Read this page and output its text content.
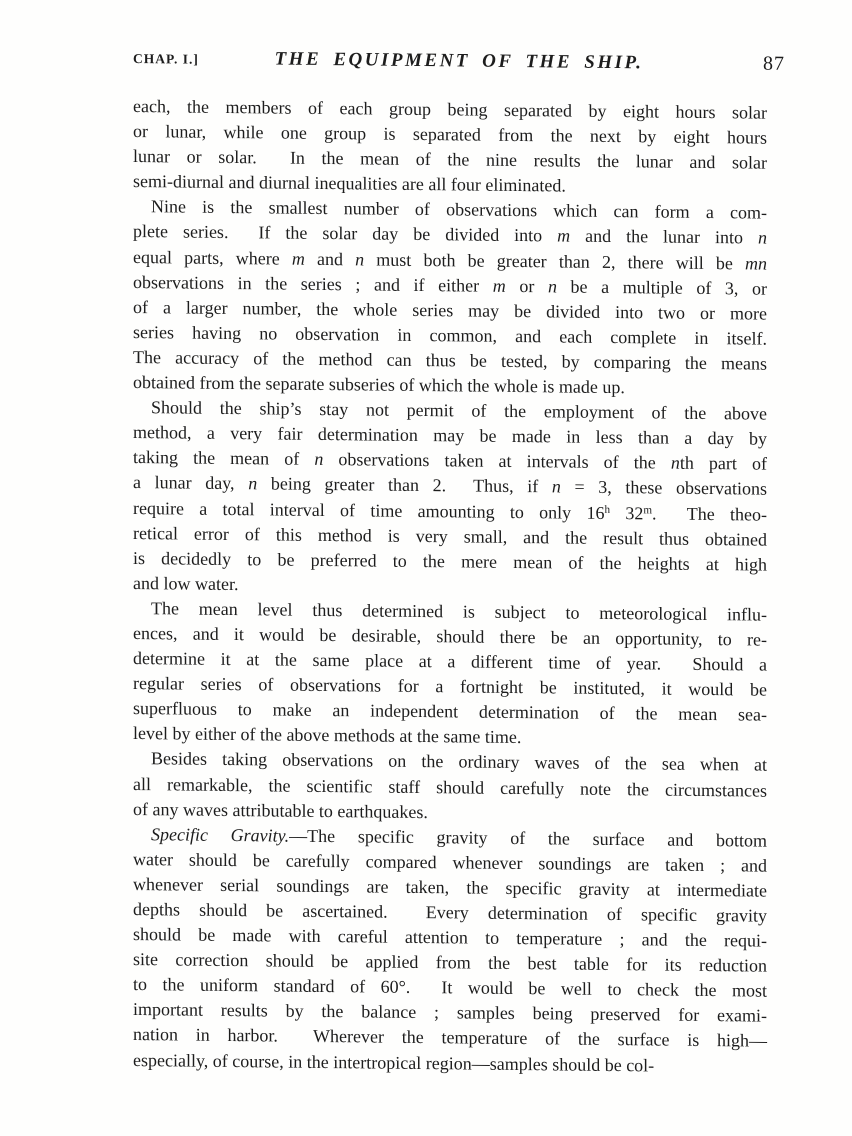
CHAP. I.]	THE EQUIPMENT OF THE SHIP.	87
each, the members of each group being separated by eight hours solar
or lunar, while one group is separated from the next by eight hours
lunar or solar.  In the mean of the nine results the lunar and solar
semi-diurnal and diurnal inequalities are all four eliminated.
Nine is the smallest number of observations which can form a com-
plete series.  If the solar day be divided into m and the lunar into n
equal parts, where m and n must both be greater than 2, there will be mn
observations in the series ; and if either m or n be a multiple of 3, or
of a larger number, the whole series may be divided into two or more
series having no observation in common, and each complete in itself.
The accuracy of the method can thus be tested, by comparing the means
obtained from the separate subseries of which the whole is made up.
Should the ship’s stay not permit of the employment of the above
method, a very fair determination may be made in less than a day by
taking the mean of n observations taken at intervals of the nth part of
a lunar day, n being greater than 2.  Thus, if n = 3, these observations
require a total interval of time amounting to only 16$^h$ 32$^m$.  The theo-
retical error of this method is very small, and the result thus obtained
is decidedly to be preferred to the mere mean of the heights at high
and low water.
The mean level thus determined is subject to meteorological influ-
ences, and it would be desirable, should there be an opportunity, to re-
determine it at the same place at a different time of year.  Should a
regular series of observations for a fortnight be instituted, it would be
superfluous to make an independent determination of the mean sea-
level by either of the above methods at the same time.
Besides taking observations on the ordinary waves of the sea when at
all remarkable, the scientific staff should carefully note the circumstances
of any waves attributable to earthquakes.
Specific Gravity.—The specific gravity of the surface and bottom
water should be carefully compared whenever soundings are taken ; and
whenever serial soundings are taken, the specific gravity at intermediate
depths should be ascertained.  Every determination of specific gravity
should be made with careful attention to temperature ; and the requi-
site correction should be applied from the best table for its reduction
to the uniform standard of 60°.  It would be well to check the most
important results by the balance ; samples being preserved for exami-
nation in harbor.  Wherever the temperature of the surface is high—
especially, of course, in the intertropical region—samples should be col-
